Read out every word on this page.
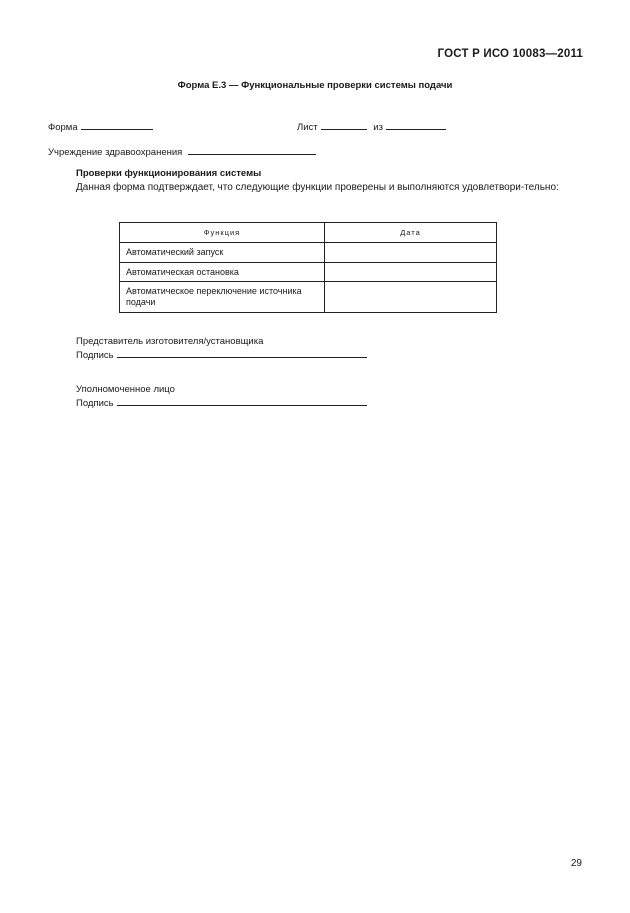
ГОСТ Р ИСО 10083—2011
Форма Е.3 — Функциональные проверки системы подачи
Форма	Лист	из
Учреждение здравоохранения
Проверки функционирования системы
Данная форма подтверждает, что следующие функции проверены и выполняются удовлетвори-тельно:
Функция	Дата
Автоматический запуск	
Автоматическая остановка	
Автоматическое переключение источника подачи	
Представитель изготовителя/установщика
Подпись
Уполномоченное лицо
Подпись
29
